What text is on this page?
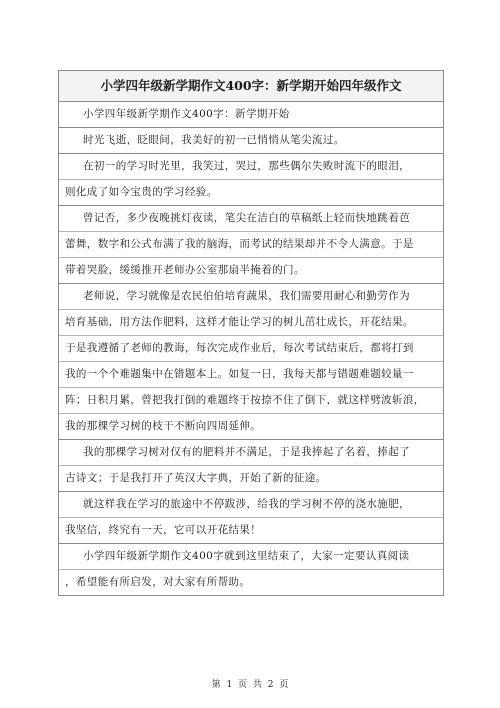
小学四年级新学期作文400字：新学期开始四年级作文
小学四年级新学期作文400字：新学期开始
时光飞逝，眨眼间，我美好的初一已悄悄从笔尖流过。
在初一的学习时光里，我笑过，哭过，那些偶尔失败时流下的眼泪，
则化成了如今宝贵的学习经验。
曾记否，多少夜晚挑灯夜读，笔尖在洁白的草稿纸上轻而快地跳着芭
蕾舞，数字和公式布满了我的脑海，而考试的结果却并不令人满意。于是
带着哭脸，缓缓推开老师办公室那扇半掩着的门。
老师说，学习就像是农民伯伯培育蔬果，我们需要用耐心和勤劳作为
培育基础，用方法作肥料，这样才能让学习的树儿茁壮成长，开花结果。
于是我遵循了老师的教诲，每次完成作业后，每次考试结束后，都将打到
我的一个个难题集中在错题本上。如复一日，我每天都与错题难题较量一
阵；日积月累，曾把我打倒的难题终于按捺不住了倒下，就这样劈波斩浪，
我的那棵学习树的枝干不断向四周延伸。
我的那棵学习树对仅有的肥料并不满足，于是我捧起了名着，捧起了
古诗文；于是我打开了英汉大字典，开始了新的征途。
就这样我在学习的旅途中不停跋涉，给我的学习树不停的浇水施肥，
我坚信，终究有一天，它可以开花结果！
小学四年级新学期作文400字就到这里结束了，大家一定要认真阅读
，希望能有所启发，对大家有所帮助。
第 1 页 共 2 页
